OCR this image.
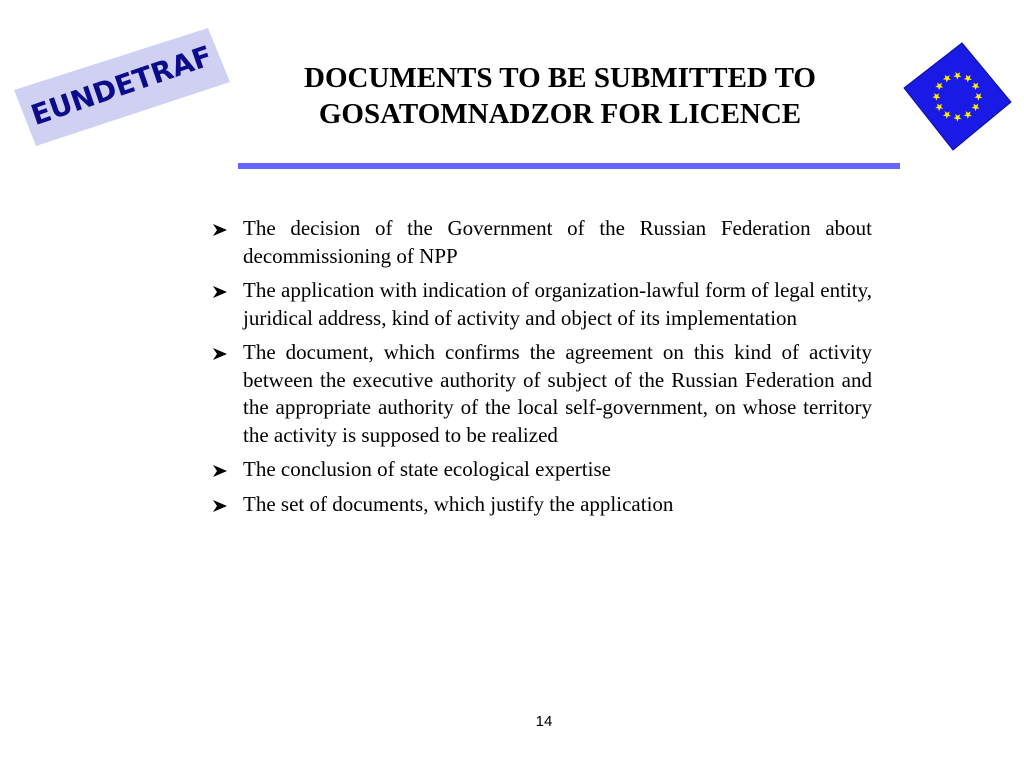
EUNDETRAF	DOCUMENTS TO BE SUBMITTED TO
GOSATOMNADZOR FOR LICENCE
The decision of the Government of the Russian Federation about decommissioning of NPP
The application with indication of organization-lawful form of legal entity, juridical address, kind of activity and object of its implementation
The document, which confirms the agreement on this kind of activity between the executive authority of subject of the Russian Federation and the appropriate authority of the local self-government, on whose territory the activity is supposed to be realized
The conclusion of state ecological expertise
The set of documents, which justify the application
14
